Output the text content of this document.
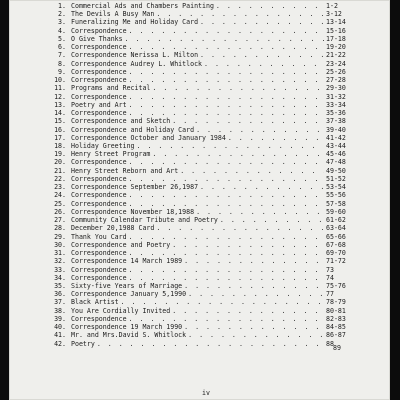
1. Commercial Ads and Chambers Painting . . .	1-2
2. The Devils A Busy Man . . .	3-12
3. Funeralizing Me and Holiday Card . . .	13-14
4. Correspondence . . .	15-16
5. O Give Thanks . . .	17-18
6. Correspondence . . .	19-20
7. Correspondence Nerissa L. Milton . . .	21-22
8. Correspondence Audrey L. Whitlock . . .	23-24
9. Correspondence . . .	25-26
10. Correspondence . . .	27-28
11. Programs and Recital . . .	29-30
12. Correspondence . . .	31-32
13. Poetry and Art . . .	33-34
14. Correspondence . . .	35-36
15. Correspondence and Sketch . . .	37-38
16. Correspondence and Holiday Card . . .	39-40
17. Correspondence October and January 1984 . . .	41-42
18. Holiday Greeting . . .	43-44
19. Henry Street Program . . .	45-46
20. Correspondence . . .	47-48
21. Henry Street Reborn and Art . . .	49-50
22. Correspondence . . .	51-52
23. Correspondence September 26,1987 . . .	53-54
24. Correspondence . . .	55-56
25. Correspondence . . .	57-58
26. Correspondence November 18,1988 . . .	59-60
27. Community Calendar Tribute and Poetry . . .	61-62
28. December 20,1988 Card . . .	63-64
29. Thank You Card . . .	65-66
30. Correspondence and Poetry . . .	67-68
31. Correspondence . . .	69-70
32. Correspondence 14 March 1989 . . .	71-72
33. Correspondence . . .	73
34. Correspondence . . .	74
35. Sixty-five Years of Marriage . . .	75-76
36. Correspondence January 5,1990 . . .	77
37. Black Artist . . .	78-79
38. You Are Cordially Invited . . .	80-81
39. Correspondence . . .	82-83
40. Correspondence 19 March 1990 . . .	84-85
41. Mr. and Mrs.David S. Whitlock . . .	86-87
42. Poetry . . .	88
89
iv
